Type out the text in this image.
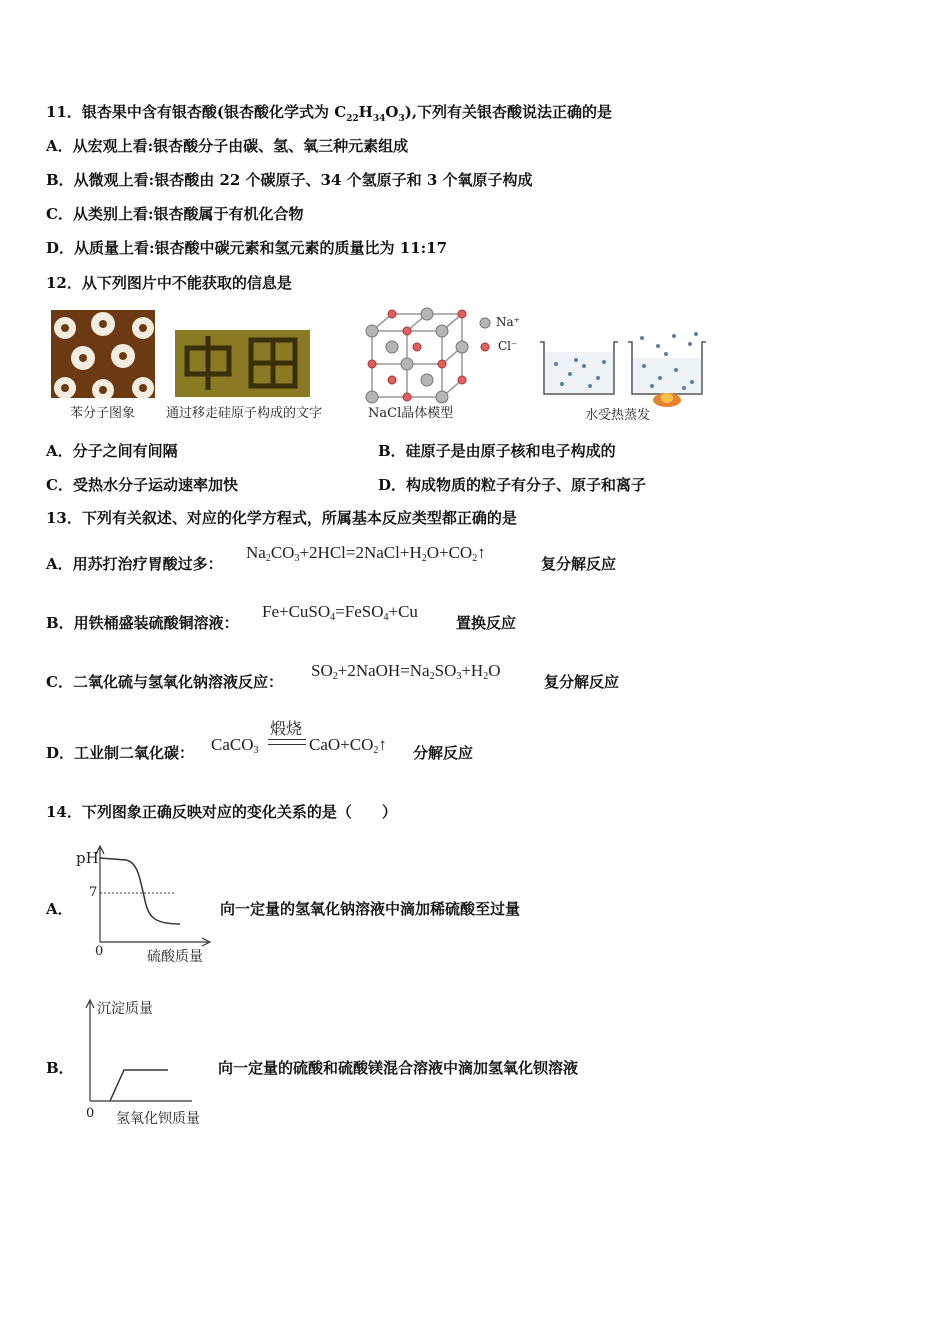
11．银杏果中含有银杏酸(银杏酸化学式为 $C_{22}H_{34}O_3$),下列有关银杏酸说法正确的是
A．从宏观上看:银杏酸分子由碳、氢、氧三种元素组成
B．从微观上看:银杏酸由 22 个碳原子、34 个氢原子和 3 个氧原子构成
C．从类别上看:银杏酸属于有机化合物
D．从质量上看:银杏酸中碳元素和氢元素的质量比为 11:17
12．从下列图片中不能获取的信息是
苯分子图象 通过移走硅原子构成的文字
Na⁺
Cl⁻
NaCl晶体模型	水受热蒸发
A．分子之间有间隔	B．硅原子是由原子核和电子构成的
C．受热水分子运动速率加快	D．构成物质的粒子有分子、原子和离子
13．下列有关叙述、对应的化学方程式，所属基本反应类型都正确的是
A．用苏打治疗胃酸过多：
$Na_2CO_3+2HCl=2NaCl+H_2O+CO_2↑$
复分解反应
B．用铁桶盛装硫酸铜溶液：
Fe+CuSO$_4$=FeSO$_4$+Cu
置换反应
C．二氧化硫与氢氧化钠溶液反应：
$SO_2+2NaOH=Na_2SO_3+H_2O$
复分解反应
D．工业制二氧化碳： CaCO$_3$
煅烧
$CaO+CO_2↑$ 分解反应
14．下列图象正确反映对应的变化关系的是（　　）
A．
pH
7
0	硫酸质量
向一定量的氢氧化钠溶液中滴加稀硫酸至过量
B．
沉淀质量
0 氢氧化钡质量
向一定量的硫酸和硫酸镁混合溶液中滴加氢氧化钡溶液
